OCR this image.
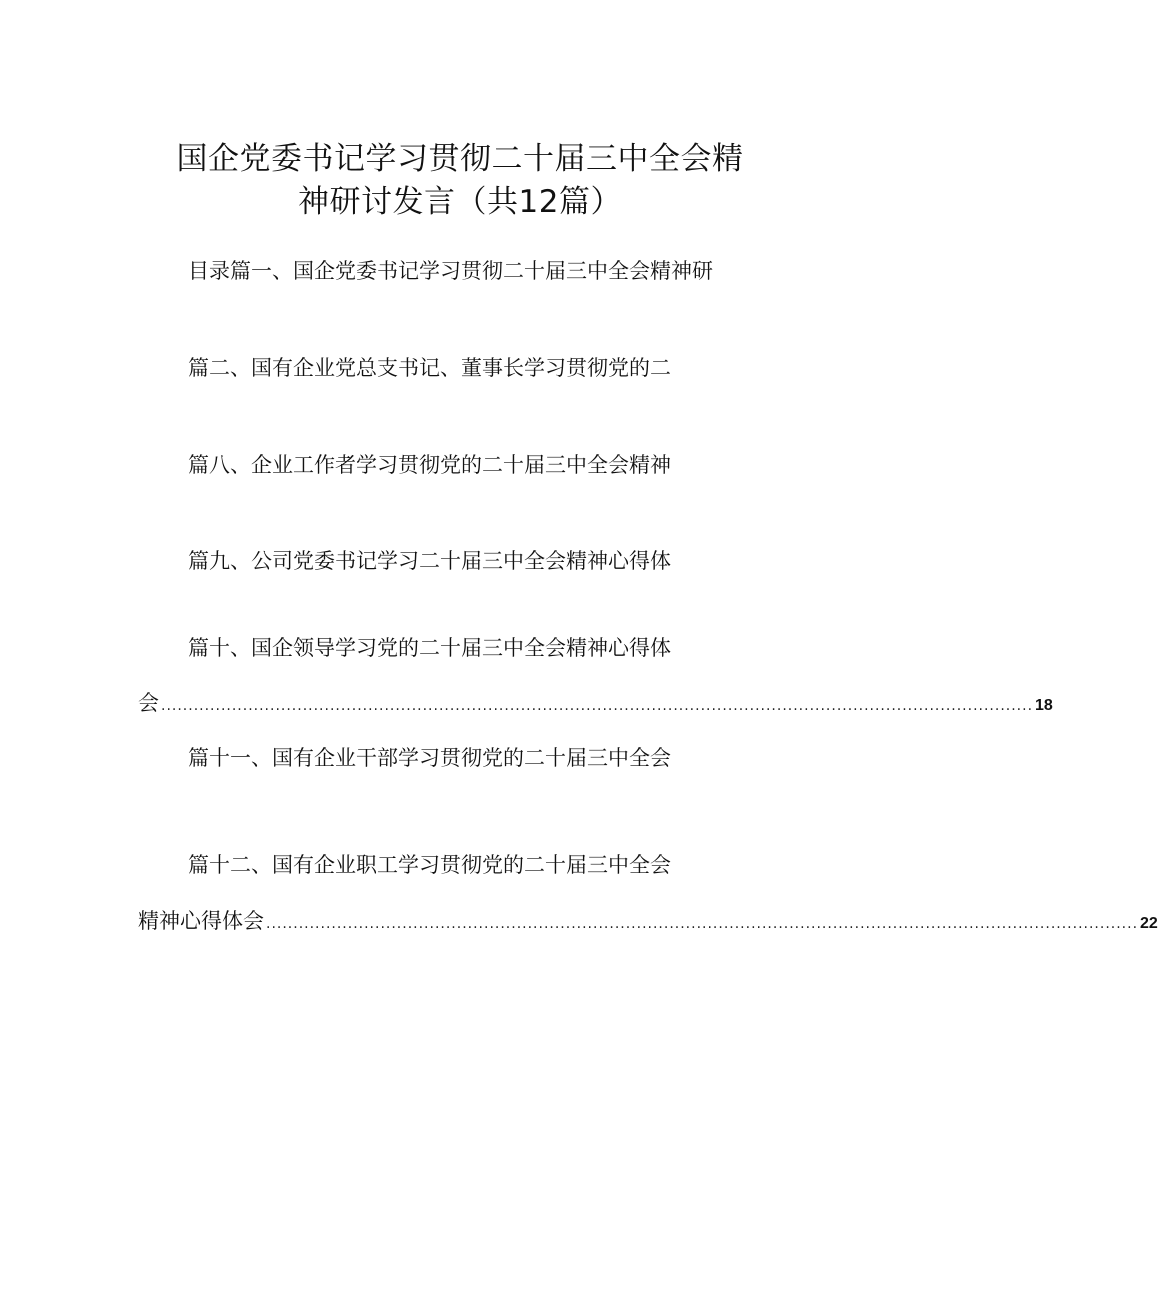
国企党委书记学习贯彻二十届三中全会精
神研讨发言（共12篇）
目录篇一、国企党委书记学习贯彻二十届三中全会精神研
篇二、国有企业党总支书记、董事长学习贯彻党的二
篇八、企业工作者学习贯彻党的二十届三中全会精神
篇九、公司党委书记学习二十届三中全会精神心得体
篇十、国企领导学习党的二十届三中全会精神心得体
会 ................................................................................................................................................................ 18
篇十一、国有企业干部学习贯彻党的二十届三中全会
篇十二、国有企业职工学习贯彻党的二十届三中全会
精神心得体会 ................................................................................................................................................................ 22
